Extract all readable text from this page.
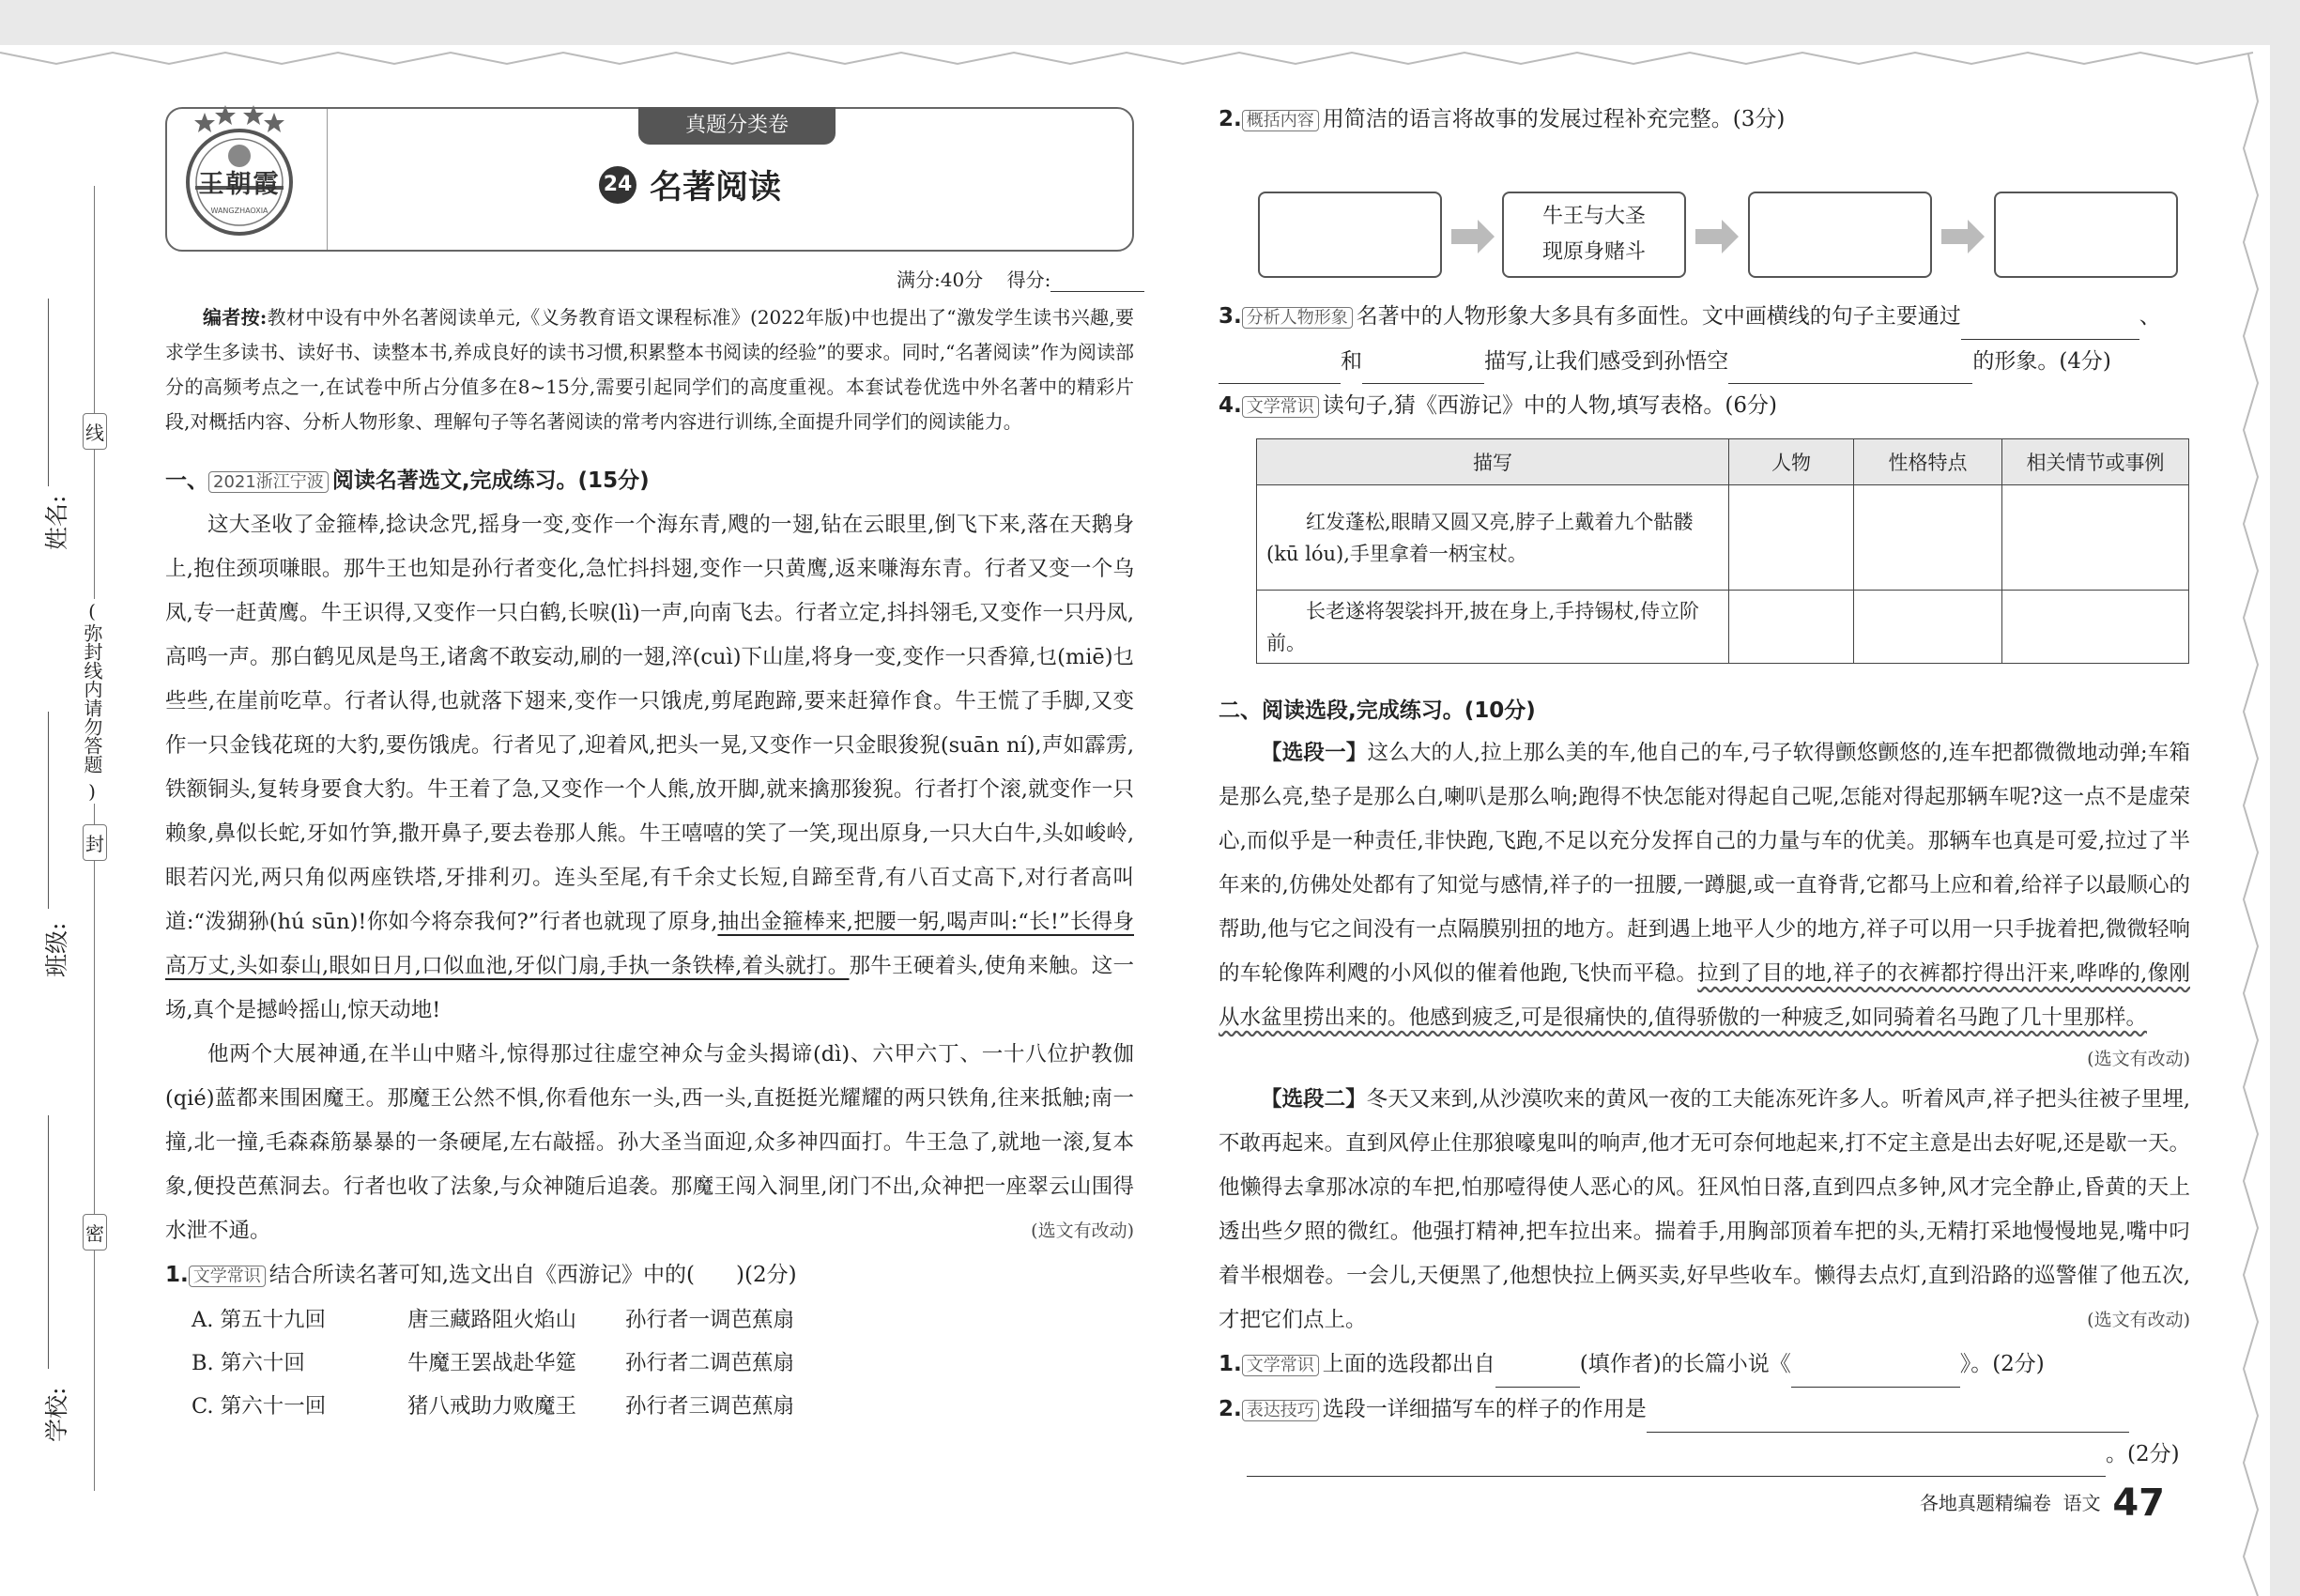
姓名:
班级:
学校:
线
(
弥封线内请勿答题
)
封
密
王朝霞
WANGZHAOXIA
真题分类卷
24 名著阅读
满分:40分 得分:

编者按:教材中设有中外名著阅读单元,《义务教育语文课程标准》(2022年版)中也提出了“激发学生读书兴趣,要求学生多读书、读好书、读整本书,养成良好的读书习惯,积累整本书阅读的经验”的要求。同时,“名著阅读”作为阅读部分的高频考点之一,在试卷中所占分值多在8~15分,需要引起同学们的高度重视。本套试卷优选中外名著中的精彩片段,对概括内容、分析人物形象、理解句子等名著阅读的常考内容进行训练,全面提升同学们的阅读能力。

一、 2021浙江宁波 阅读名著选文,完成练习。(15分)

这大圣收了金箍棒,捻诀念咒,摇身一变,变作一个海东青,飕的一翅,钻在云眼里,倒飞下来,落在天鹅身上,抱住颈项嗛眼。那牛王也知是孙行者变化,急忙抖抖翅,变作一只黄鹰,返来嗛海东青。行者又变一个乌凤,专一赶黄鹰。牛王识得,又变作一只白鹤,长唳(lì)一声,向南飞去。行者立定,抖抖翎毛,又变作一只丹凤,高鸣一声。那白鹤见凤是鸟王,诸禽不敢妄动,刷的一翅,淬(cuì)下山崖,将身一变,变作一只香獐,乜(miē)乜些些,在崖前吃草。行者认得,也就落下翅来,变作一只饿虎,剪尾跑蹄,要来赶獐作食。牛王慌了手脚,又变作一只金钱花斑的大豹,要伤饿虎。行者见了,迎着风,把头一晃,又变作一只金眼狻猊(suān ní),声如霹雳,铁额铜头,复转身要食大豹。牛王着了急,又变作一个人熊,放开脚,就来擒那狻猊。行者打个滚,就变作一只赖象,鼻似长蛇,牙如竹笋,撒开鼻子,要去卷那人熊。牛王嘻嘻的笑了一笑,现出原身,一只大白牛,头如峻岭,眼若闪光,两只角似两座铁塔,牙排利刃。连头至尾,有千余丈长短,自蹄至背,有八百丈高下,对行者高叫道:“泼猢狲(hú sūn)!你如今将奈我何?”行者也就现了原身,抽出金箍棒来,把腰一躬,喝声叫:“长!”长得身高万丈,头如泰山,眼如日月,口似血池,牙似门扇,手执一条铁棒,着头就打。那牛王硬着头,使角来触。这一场,真个是撼岭摇山,惊天动地!

他两个大展神通,在半山中赌斗,惊得那过往虚空神众与金头揭谛(dì)、六甲六丁、一十八位护教伽(qié)蓝都来围困魔王。那魔王公然不惧,你看他东一头,西一头,直挺挺光耀耀的两只铁角,往来抵触;南一撞,北一撞,毛森森筋暴暴的一条硬尾,左右敲摇。孙大圣当面迎,众多神四面打。牛王急了,就地一滚,复本象,便投芭蕉洞去。行者也收了法象,与众神随后追袭。那魔王闯入洞里,闭门不出,众神把一座翠云山围得水泄不通。	(选文有改动)

1. 文学常识 结合所读名著可知,选文出自《西游记》中的( )(2分)

A. 第五十九回	唐三藏路阻火焰山 孙行者一调芭蕉扇
B. 第六十回	牛魔王罢战赴华筵 孙行者二调芭蕉扇
C. 第六十一回	猪八戒助力败魔王 孙行者三调芭蕉扇

2. 概括内容 用简洁的语言将故事的发展过程补充完整。(3分)

牛王与大圣
现原身赌斗

3. 分析人物形象 名著中的人物形象大多具有多面性。文中画横线的句子主要通过	、
和	描写,让我们感受到孙悟空	的形象。(4分)

4. 文学常识 读句子,猜《西游记》中的人物,填写表格。(6分)

描写	人物	性格特点	相关情节或事例
红发蓬松,眼睛又圆又亮,脖子上戴着九个骷髅(kū lóu),手里拿着一柄宝杖。			
长老遂将袈裟抖开,披在身上,手持锡杖,侍立阶前。			

二、阅读选段,完成练习。(10分)

【选段一】这么大的人,拉上那么美的车,他自己的车,弓子软得颤悠颤悠的,连车把都微微地动弹;车箱是那么亮,垫子是那么白,喇叭是那么响;跑得不快怎能对得起自己呢,怎能对得起那辆车呢?这一点不是虚荣心,而似乎是一种责任,非快跑,飞跑,不足以充分发挥自己的力量与车的优美。那辆车也真是可爱,拉过了半年来的,仿佛处处都有了知觉与感情,祥子的一扭腰,一蹲腿,或一直脊背,它都马上应和着,给祥子以最顺心的帮助,他与它之间没有一点隔膜别扭的地方。赶到遇上地平人少的地方,祥子可以用一只手拢着把,微微轻响的车轮像阵利飕的小风似的催着他跑,飞快而平稳。拉到了目的地,祥子的衣裤都拧得出汗来,哗哗的,像刚从水盆里捞出来的。他感到疲乏,可是很痛快的,值得骄傲的一种疲乏,如同骑着名马跑了几十里那样。

(选文有改动)

【选段二】冬天又来到,从沙漠吹来的黄风一夜的工夫能冻死许多人。听着风声,祥子把头往被子里埋,不敢再起来。直到风停止住那狼嚎鬼叫的响声,他才无可奈何地起来,打不定主意是出去好呢,还是歇一天。他懒得去拿那冰凉的车把,怕那噎得使人恶心的风。狂风怕日落,直到四点多钟,风才完全静止,昏黄的天上透出些夕照的微红。他强打精神,把车拉出来。揣着手,用胸部顶着车把的头,无精打采地慢慢地晃,嘴中叼着半根烟卷。一会儿,天便黑了,他想快拉上俩买卖,好早些收车。懒得去点灯,直到沿路的巡警催了他五次,才把它们点上。	(选文有改动)

1. 文学常识 上面的选段都出自	(填作者)的长篇小说《	》。(2分)

2. 表达技巧 选段一详细描写车的样子的作用是
。(2分)

各地真题精编卷 语文 47
